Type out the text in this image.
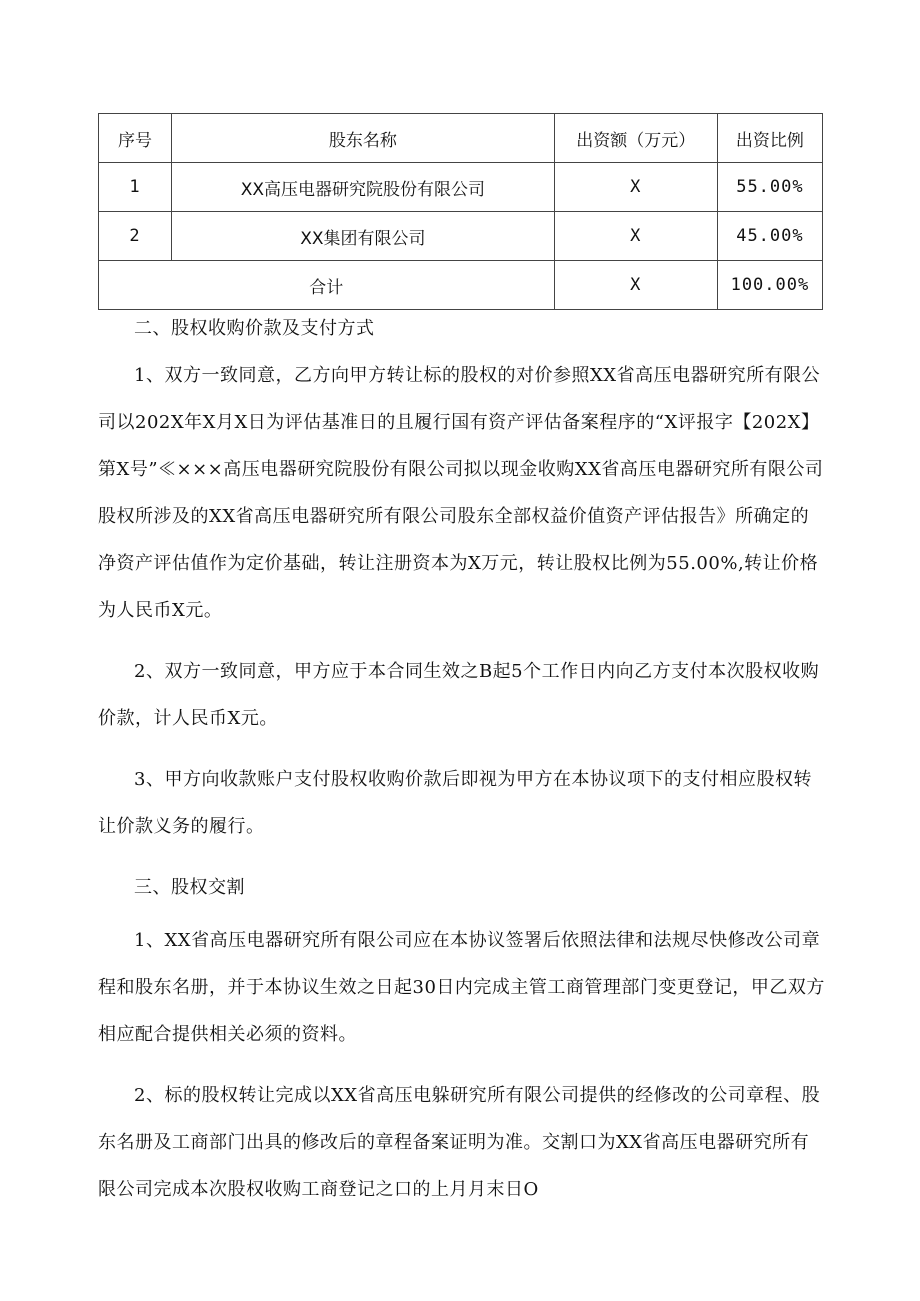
序号	股东名称	出资额（万元）	出资比例
1	XX高压电器研究院股份有限公司	X	55.00%
2	XX集团有限公司	X	45.00%
合计		X	100.00%

二、股权收购价款及支付方式

1、双方一致同意，乙方向甲方转让标的股权的对价参照XX省高压电器研究所有限公司以202X年X月X日为评估基准日的且履行国有资产评估备案程序的“X评报字【202X】第X号”≪×××高压电器研究院股份有限公司拟以现金收购XX省高压电器研究所有限公司股权所涉及的XX省高压电器研究所有限公司股东全部权益价值资产评估报告》所确定的净资产评估值作为定价基础，转让注册资本为X万元，转让股权比例为55.00%,转让价格为人民币X元。

2、双方一致同意，甲方应于本合同生效之B起5个工作日内向乙方支付本次股权收购价款，计人民币X元。

3、甲方向收款账户支付股权收购价款后即视为甲方在本协议项下的支付相应股权转让价款义务的履行。

三、股权交割

1、XX省高压电器研究所有限公司应在本协议签署后依照法律和法规尽快修改公司章程和股东名册，并于本协议生效之日起30日内完成主管工商管理部门变更登记，甲乙双方相应配合提供相关必须的资料。

2、标的股权转让完成以XX省高压电躲研究所有限公司提供的经修改的公司章程、股东名册及工商部门出具的修改后的章程备案证明为准。交割口为XX省高压电器研究所有限公司完成本次股权收购工商登记之口的上月月末日O
